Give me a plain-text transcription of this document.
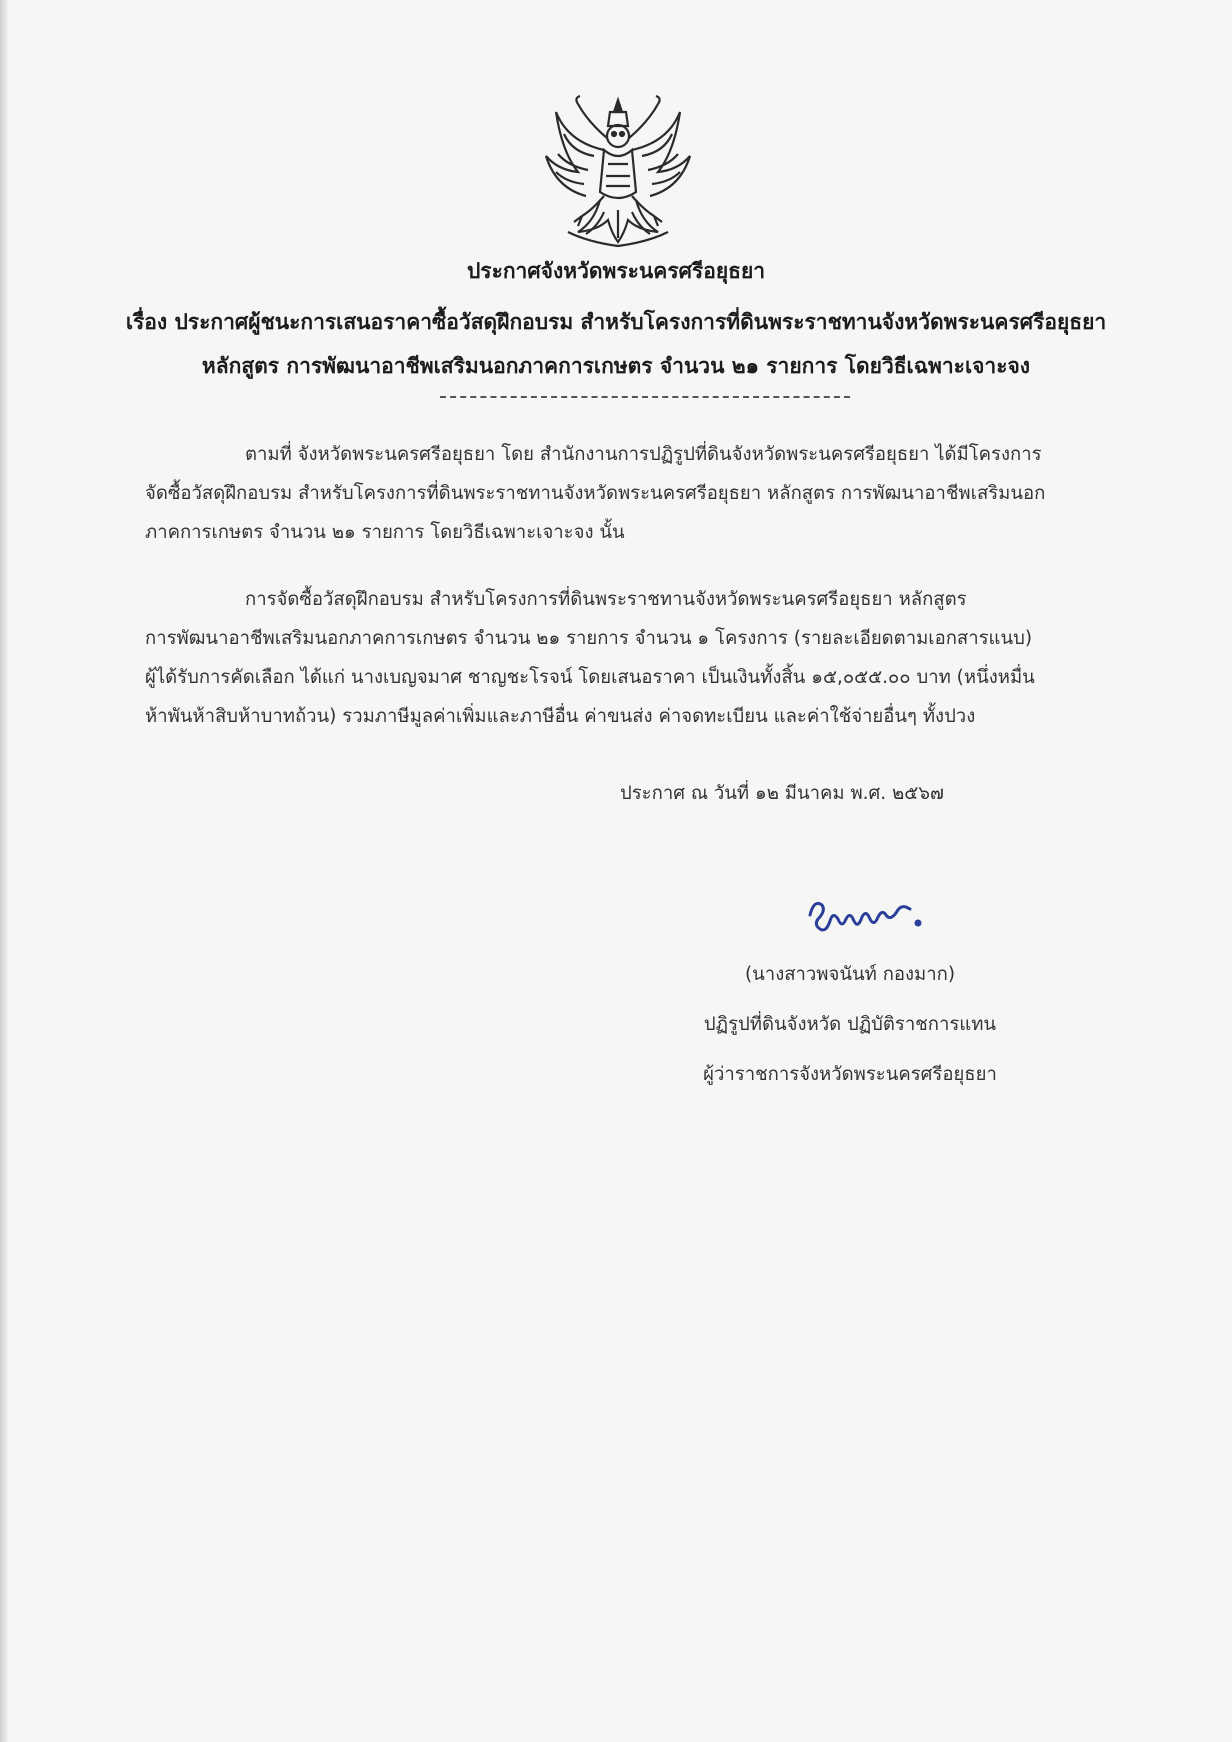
ประกาศจังหวัดพระนครศรีอยุธยา
เรื่อง ประกาศผู้ชนะการเสนอราคาซื้อวัสดุฝึกอบรม สำหรับโครงการที่ดินพระราชทานจังหวัดพระนครศรีอยุธยา
หลักสูตร การพัฒนาอาชีพเสริมนอกภาคการเกษตร จำนวน ๒๑ รายการ โดยวิธีเฉพาะเจาะจง
ตามที่ จังหวัดพระนครศรีอยุธยา โดย สำนักงานการปฏิรูปที่ดินจังหวัดพระนครศรีอยุธยา ได้มีโครงการ
จัดซื้อวัสดุฝึกอบรม สำหรับโครงการที่ดินพระราชทานจังหวัดพระนครศรีอยุธยา หลักสูตร การพัฒนาอาชีพเสริมนอก
ภาคการเกษตร จำนวน ๒๑ รายการ โดยวิธีเฉพาะเจาะจง นั้น
การจัดซื้อวัสดุฝึกอบรม สำหรับโครงการที่ดินพระราชทานจังหวัดพระนครศรีอยุธยา หลักสูตร
การพัฒนาอาชีพเสริมนอกภาคการเกษตร จำนวน ๒๑ รายการ จำนวน ๑ โครงการ (รายละเอียดตามเอกสารแนบ)
ผู้ได้รับการคัดเลือก ได้แก่ นางเบญจมาศ ชาญชะโรจน์ โดยเสนอราคา เป็นเงินทั้งสิ้น ๑๕,๐๕๕.๐๐ บาท (หนึ่งหมื่น
ห้าพันห้าสิบห้าบาทถ้วน) รวมภาษีมูลค่าเพิ่มและภาษีอื่น ค่าขนส่ง ค่าจดทะเบียน และค่าใช้จ่ายอื่นๆ ทั้งปวง
ประกาศ ณ วันที่ ๑๒ มีนาคม พ.ศ. ๒๕๖๗
(นางสาวพจนันท์ กองมาก)
ปฏิรูปที่ดินจังหวัด ปฏิบัติราชการแทน
ผู้ว่าราชการจังหวัดพระนครศรีอยุธยา
